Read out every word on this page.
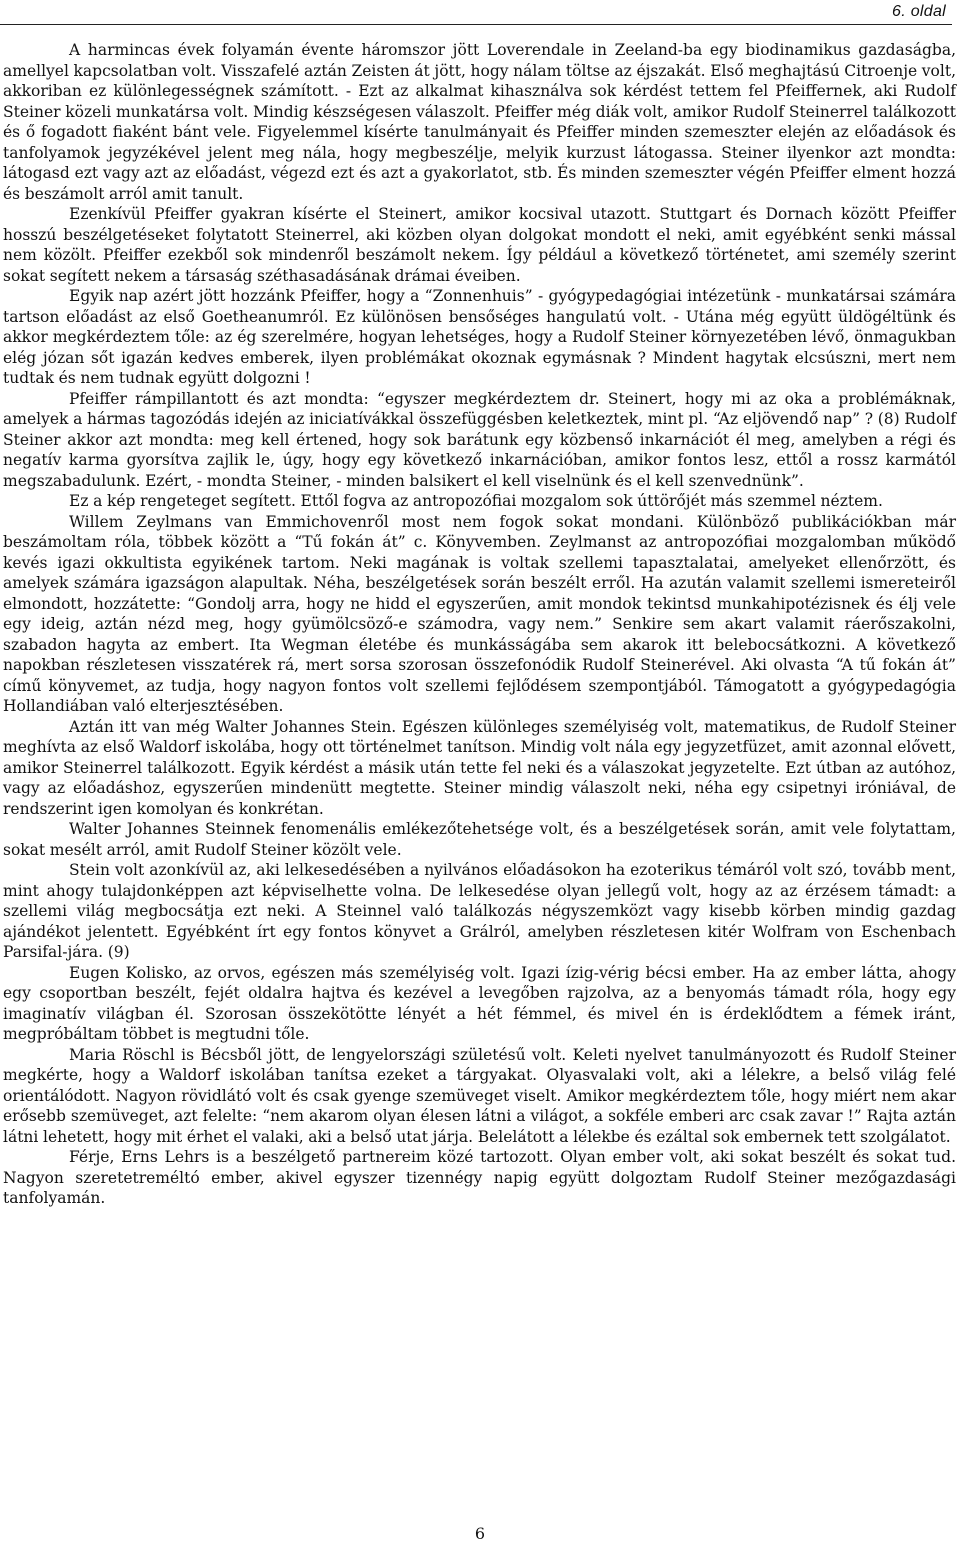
6. oldal

A harmincas évek folyamán évente háromszor jött Loverendale in Zeeland-ba egy biodinamikus gazdaságba, amellyel kapcsolatban volt. Visszafelé aztán Zeisten át jött, hogy nálam töltse az éjszakát. Első meghajtású Citroenje volt, akkoriban ez különlegességnek számított. - Ezt az alkalmat kihasználva sok kérdést tettem fel Pfeiffernek, aki Rudolf Steiner közeli munkatársa volt. Mindig készségesen válaszolt. Pfeiffer még diák volt, amikor Rudolf Steinerrel találkozott és ő fogadott fiaként bánt vele. Figyelemmel kísérte tanulmányait és Pfeiffer minden szemeszter elején az előadások és tanfolyamok jegyzékével jelent meg nála, hogy megbeszélje, melyik kurzust látogassa. Steiner ilyenkor azt mondta: látogasd ezt vagy azt az előadást, végezd ezt és azt a gyakorlatot, stb. És minden szemeszter végén Pfeiffer elment hozzá és beszámolt arról amit tanult.

Ezenkívül Pfeiffer gyakran kísérte el Steinert, amikor kocsival utazott. Stuttgart és Dornach között Pfeiffer hosszú beszélgetéseket folytatott Steinerrel, aki közben olyan dolgokat mondott el neki, amit egyébként senki mással nem közölt. Pfeiffer ezekből sok mindenről beszámolt nekem. Így például a következő történetet, ami személy szerint sokat segített nekem a társaság széthasadásának drámai éveiben.

Egyik nap azért jött hozzánk Pfeiffer, hogy a “Zonnenhuis” - gyógypedagógiai intézetünk - munkatársai számára tartson előadást az első Goetheanumról. Ez különösen bensőséges hangulatú volt. - Utána még együtt üldögéltünk és akkor megkérdeztem tőle: az ég szerelmére, hogyan lehetséges, hogy a Rudolf Steiner környezetében lévő, önmagukban elég józan sőt igazán kedves emberek, ilyen problémákat okoznak egymásnak ? Mindent hagytak elcsúszni, mert nem tudtak és nem tudnak együtt dolgozni !

Pfeiffer rámpillantott és azt mondta: “egyszer megkérdeztem dr. Steinert, hogy mi az oka a problémáknak, amelyek a hármas tagozódás idején az iniciatívákkal összefüggésben keletkeztek, mint pl. “Az eljövendő nap” ? (8) Rudolf Steiner akkor azt mondta: meg kell értened, hogy sok barátunk egy közbenső inkarnációt él meg, amelyben a régi és negatív karma gyorsítva zajlik le, úgy, hogy egy következő inkarnációban, amikor fontos lesz, ettől a rossz karmától megszabadulunk. Ezért, - mondta Steiner, - minden balsikert el kell viselnünk és el kell szenvednünk”.

Ez a kép rengeteget segített. Ettől fogva az antropozófiai mozgalom sok úttörőjét más szemmel néztem.

Willem Zeylmans van Emmichovenről most nem fogok sokat mondani. Különböző publikációkban már beszámoltam róla, többek között a “Tű fokán át” c. Könyvemben. Zeylmanst az antropozófiai mozgalomban működő kevés igazi okkultista egyikének tartom. Neki magának is voltak szellemi tapasztalatai, amelyeket ellenőrzött, és amelyek számára igazságon alapultak. Néha, beszélgetések során beszélt erről. Ha azután valamit szellemi ismereteiről elmondott, hozzátette: “Gondolj arra, hogy ne hidd el egyszerűen, amit mondok tekintsd munkahipotézisnek és élj vele egy ideig, aztán nézd meg, hogy gyümölcsöző-e számodra, vagy nem.” Senkire sem akart valamit ráerőszakolni, szabadon hagyta az embert. Ita Wegman életébe és munkásságába sem akarok itt belebocsátkozni. A következő napokban részletesen visszatérek rá, mert sorsa szorosan összefonódik Rudolf Steinerével. Aki olvasta “A tű fokán át” című könyvemet, az tudja, hogy nagyon fontos volt szellemi fejlődésem szempontjából. Támogatott a gyógypedagógia Hollandiában való elterjesztésében.

Aztán itt van még Walter Johannes Stein. Egészen különleges személyiség volt, matematikus, de Rudolf Steiner meghívta az első Waldorf iskolába, hogy ott történelmet tanítson. Mindig volt nála egy jegyzetfüzet, amit azonnal elővett, amikor Steinerrel találkozott. Egyik kérdést a másik után tette fel neki és a válaszokat jegyzetelte. Ezt útban az autóhoz, vagy az előadáshoz, egyszerűen mindenütt megtette. Steiner mindig válaszolt neki, néha egy csipetnyi iróniával, de rendszerint igen komolyan és konkrétan.

Walter Johannes Steinnek fenomenális emlékezőtehetsége volt, és a beszélgetések során, amit vele folytattam, sokat mesélt arról, amit Rudolf Steiner közölt vele.

Stein volt azonkívül az, aki lelkesedésében a nyilvános előadásokon ha ezoterikus témáról volt szó, tovább ment, mint ahogy tulajdonképpen azt képviselhette volna. De lelkesedése olyan jellegű volt, hogy az az érzésem támadt: a szellemi világ megbocsátja ezt neki. A Steinnel való találkozás négyszemközt vagy kisebb körben mindig gazdag ajándékot jelentett. Egyébként írt egy fontos könyvet a Grálról, amelyben részletesen kitér Wolfram von Eschenbach Parsifal-jára. (9)

Eugen Kolisko, az orvos, egészen más személyiség volt. Igazi ízig-vérig bécsi ember. Ha az ember látta, ahogy egy csoportban beszélt, fejét oldalra hajtva és kezével a levegőben rajzolva, az a benyomás támadt róla, hogy egy imaginatív világban él. Szorosan összekötötte lényét a hét fémmel, és mivel én is érdeklődtem a fémek iránt, megpróbáltam többet is megtudni tőle.

Maria Röschl is Bécsből jött, de lengyelországi születésű volt. Keleti nyelvet tanulmányozott és Rudolf Steiner megkérte, hogy a Waldorf iskolában tanítsa ezeket a tárgyakat. Olyasvalaki volt, aki a lélekre, a belső világ felé orientálódott. Nagyon rövidlátó volt és csak gyenge szemüveget viselt. Amikor megkérdeztem tőle, hogy miért nem akar erősebb szemüveget, azt felelte: “nem akarom olyan élesen látni a világot, a sokféle emberi arc csak zavar !” Rajta aztán látni lehetett, hogy mit érhet el valaki, aki a belső utat járja. Belelátott a lélekbe és ezáltal sok embernek tett szolgálatot.

Férje, Erns Lehrs is a beszélgető partnereim közé tartozott. Olyan ember volt, aki sokat beszélt és sokat tud. Nagyon szeretetreméltó ember, akivel egyszer tizennégy napig együtt dolgoztam Rudolf Steiner mezőgazdasági tanfolyamán.

6
